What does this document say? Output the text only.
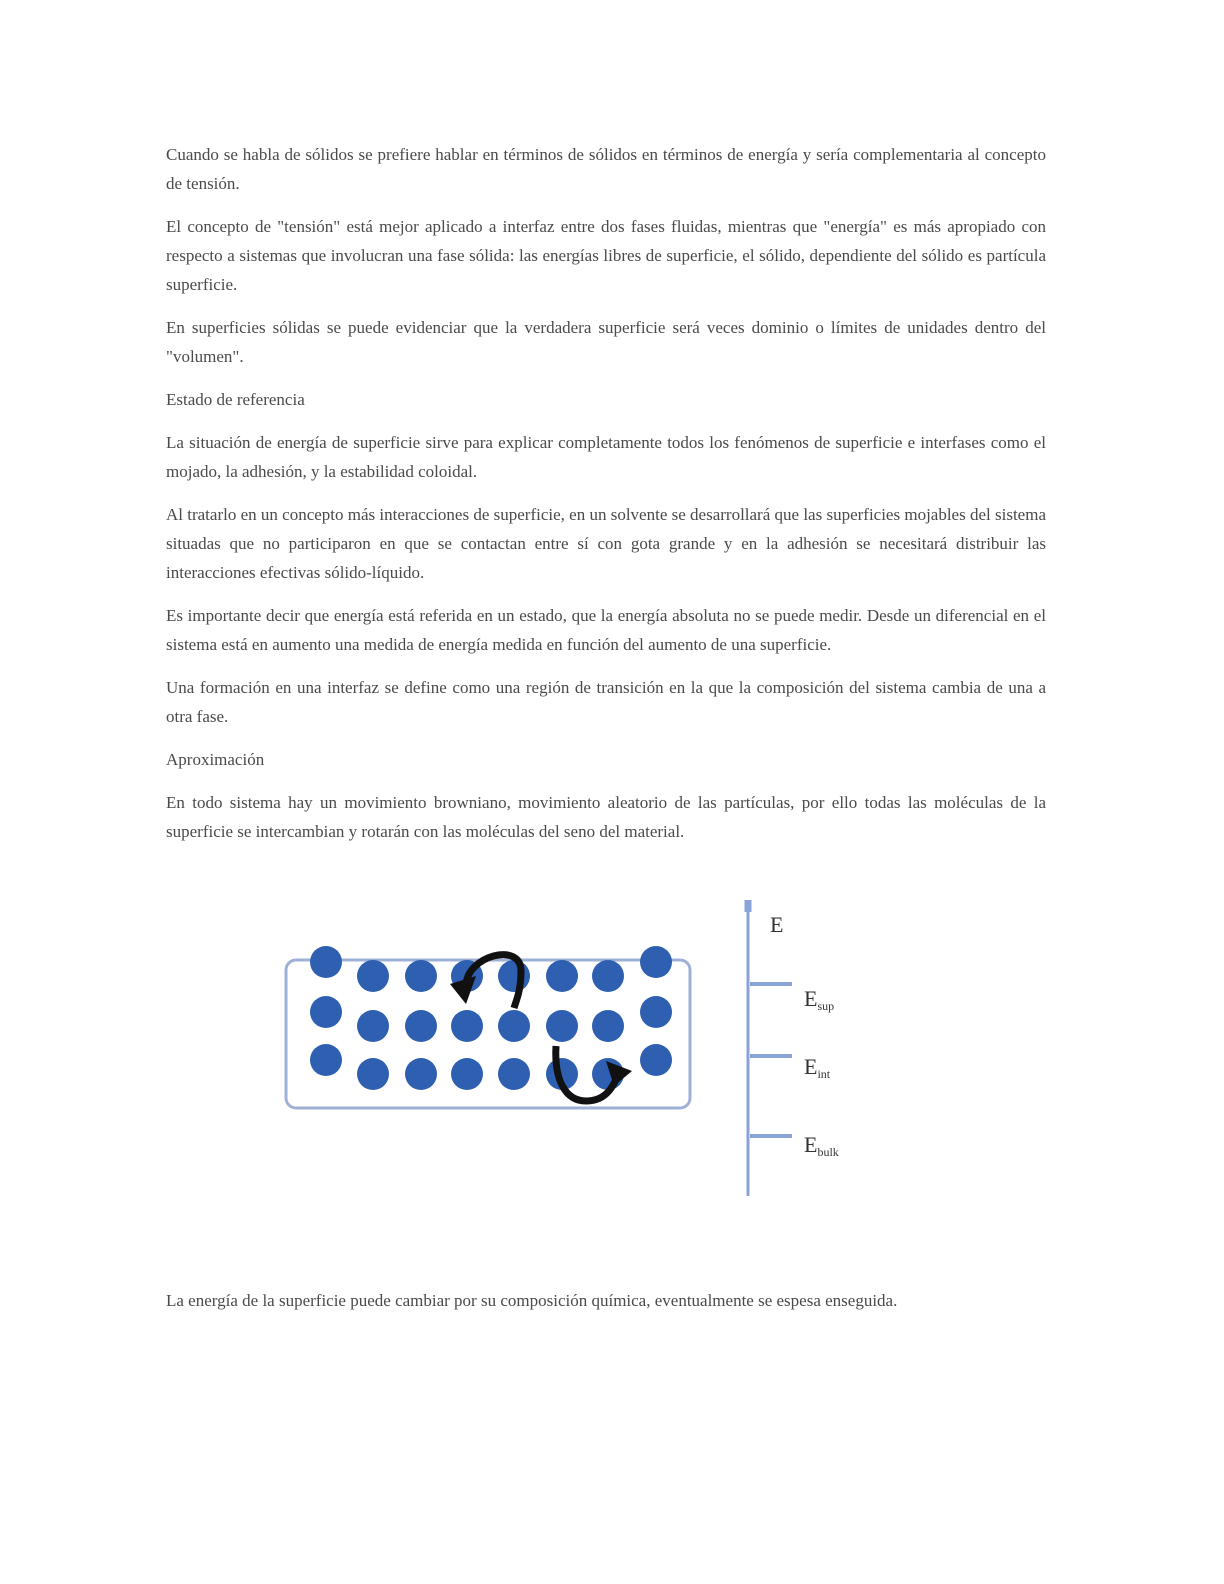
Cuando se habla de sólidos se prefiere hablar en términos de sólidos en términos de energía y sería complementaria al concepto de tensión.

El concepto de "tensión" está mejor aplicado a interfaz entre dos fases fluidas, mientras que "energía" es más apropiado con respecto a sistemas que involucran una fase sólida: las energías libres de superficie, el sólido, dependiente del sólido es partícula superficie.

En superficies sólidas se puede evidenciar que la verdadera superficie será veces dominio o límites de unidades dentro del "volumen".

Estado de referencia

La situación de energía de superficie sirve para explicar completamente todos los fenómenos de superficie e interfases como el mojado, la adhesión, y la estabilidad coloidal.

Al tratarlo en un concepto más interacciones de superficie, en un solvente se desarrollará que las superficies mojables del sistema situadas que no participaron en que se contactan entre sí con gota grande y en la adhesión se necesitará distribuir las interacciones efectivas sólido-líquido.

Es importante decir que energía está referida en un estado, que la energía absoluta no se puede medir. Desde un diferencial en el sistema está en aumento una medida de energía medida en función del aumento de una superficie.

Una formación en una interfaz se define como una región de transición en la que la composición del sistema cambia de una a otra fase.

Aproximación

En todo sistema hay un movimiento browniano, movimiento aleatorio de las partículas, por ello todas las moléculas de la superficie se intercambian y rotarán con las moléculas del seno del material.

E
Esup
Eint
Ebulk

La energía de la superficie puede cambiar por su composición química, eventualmente se espesa enseguida.
